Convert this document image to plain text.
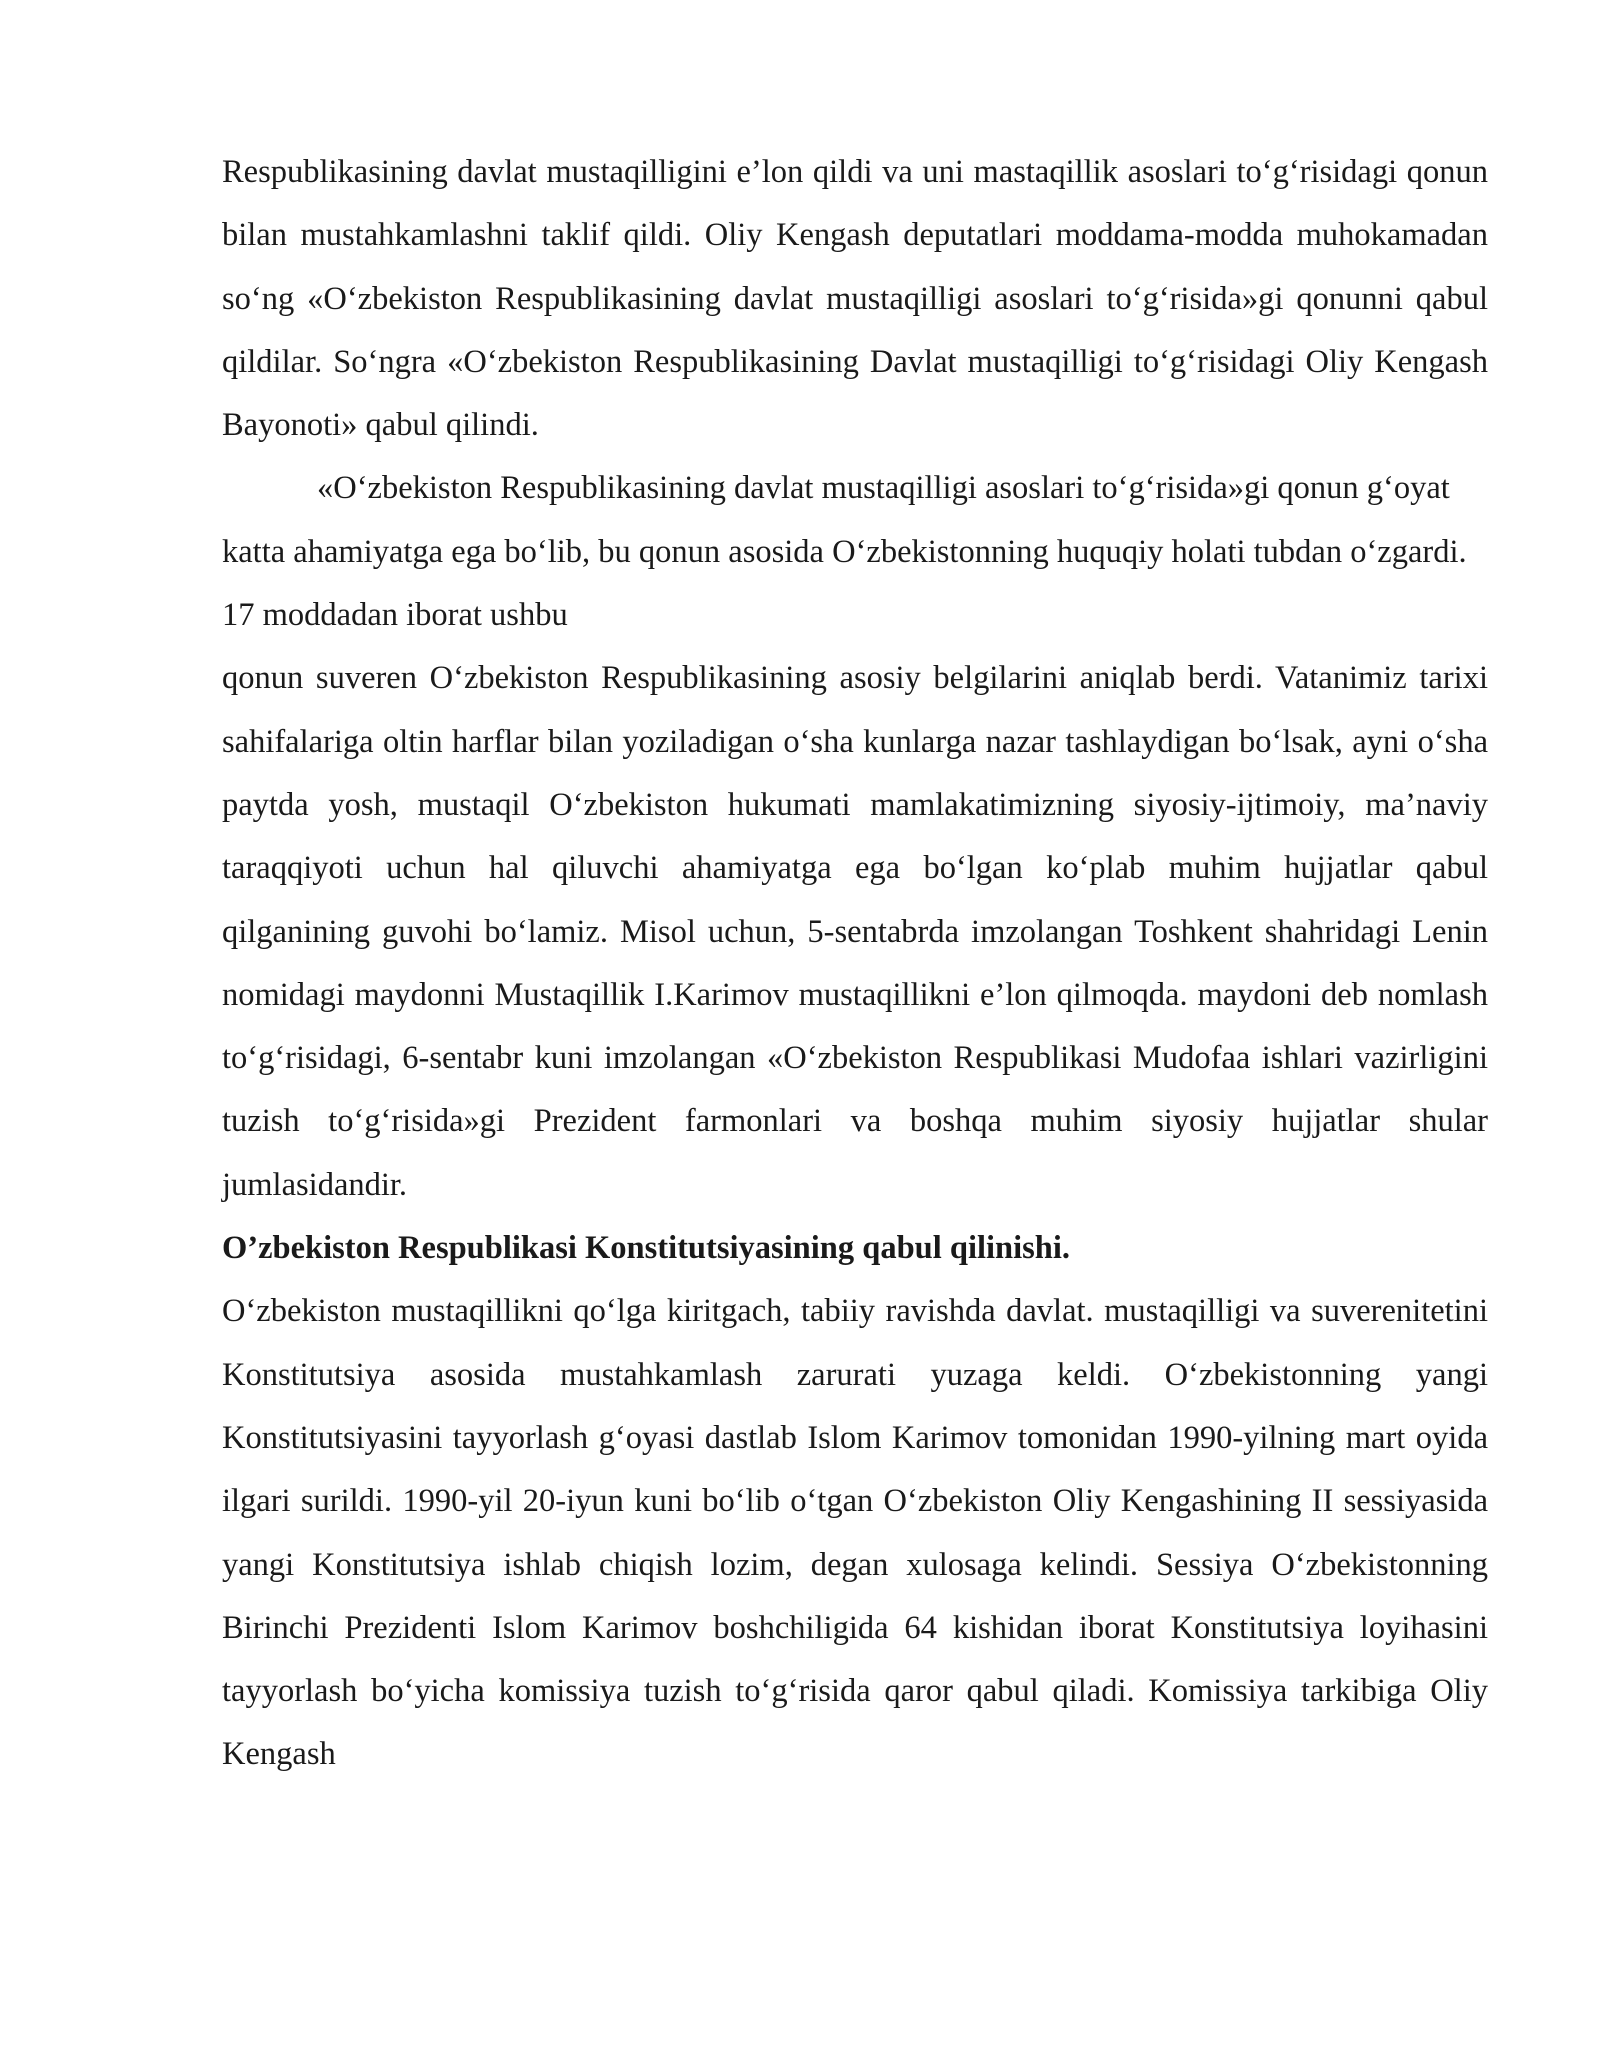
Respublikasining davlat mustaqilligini e’lon qildi va uni mastaqillik asoslari to‘g‘risidagi qonun bilan mustahkamlashni taklif qildi. Oliy Kengash deputatlari moddama-modda muhokamadan so‘ng «O‘zbekiston Respublikasining davlat mustaqilligi asoslari to‘g‘risida»gi qonunni qabul qildilar. So‘ngra «O‘zbekiston Respublikasining Davlat mustaqilligi to‘g‘risidagi Oliy Kengash Bayonoti» qabul qilindi.

«O‘zbekiston Respublikasining davlat mustaqilligi asoslari to‘g‘risida»gi qonun g‘oyat katta ahamiyatga ega bo‘lib, bu qonun asosida O‘zbekistonning huquqiy holati tubdan o‘zgardi. 17 moddadan iborat ushbu

qonun suveren O‘zbekiston Respublikasining asosiy belgilarini aniqlab berdi. Vatanimiz tarixi sahifalariga oltin harflar bilan yoziladigan o‘sha kunlarga nazar tashlaydigan bo‘lsak, ayni o‘sha paytda yosh, mustaqil O‘zbekiston hukumati mamlakatimizning siyosiy-ijtimoiy, ma’naviy taraqqiyoti uchun hal qiluvchi ahamiyatga ega bo‘lgan ko‘plab muhim hujjatlar qabul qilganining guvohi bo‘lamiz. Misol uchun, 5-sentabrda imzolangan Toshkent shahridagi Lenin nomidagi maydonni Mustaqillik I.Karimov mustaqillikni e’lon qilmoqda. maydoni deb nomlash to‘g‘risidagi, 6-sentabr kuni imzolangan «O‘zbekiston Respublikasi Mudofaa ishlari vazirligini tuzish to‘g‘risida»gi Prezident farmonlari va boshqa muhim siyosiy hujjatlar shular jumlasidandir.

O’zbekiston Respublikasi Konstitutsiyasining qabul qilinishi.

O‘zbekiston mustaqillikni qo‘lga kiritgach, tabiiy ravishda davlat. mustaqilligi va suverenitetini Konstitutsiya asosida mustahkamlash zarurati yuzaga keldi. O‘zbekistonning yangi Konstitutsiyasini tayyorlash g‘oyasi dastlab Islom Karimov tomonidan 1990-yilning mart oyida ilgari surildi. 1990-yil 20-iyun kuni bo‘lib o‘tgan O‘zbekiston Oliy Kengashining II sessiyasida yangi Konstitutsiya ishlab chiqish lozim, degan xulosaga kelindi. Sessiya O‘zbekistonning Birinchi Prezidenti Islom Karimov boshchiligida 64 kishidan iborat Konstitutsiya loyihasini tayyorlash bo‘yicha komissiya tuzish to‘g‘risida qaror qabul qiladi. Komissiya tarkibiga Oliy Kengash
